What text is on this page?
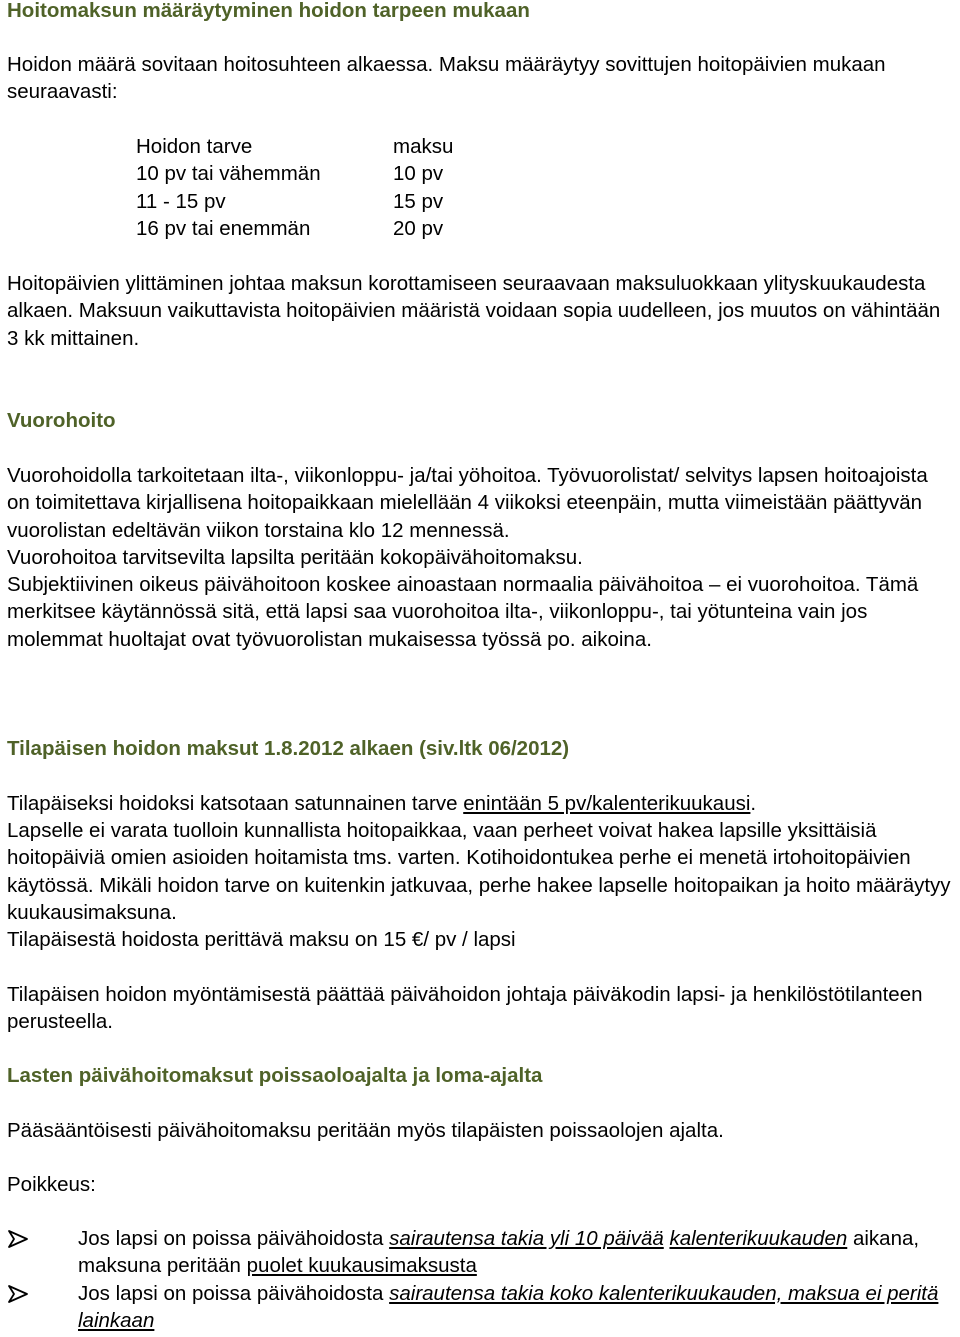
Hoitomaksun määräytyminen hoidon tarpeen mukaan

Hoidon määrä sovitaan hoitosuhteen alkaessa. Maksu määräytyy sovittujen hoitopäivien mukaan seuraavasti:

Hoidon tarve	maksu
10 pv tai vähemmän	10 pv
11 - 15 pv	15 pv
16 pv tai enemmän	20 pv

Hoitopäivien ylittäminen johtaa maksun korottamiseen seuraavaan maksuluokkaan ylityskuukaudesta alkaen. Maksuun vaikuttavista hoitopäivien määristä voidaan sopia uudelleen, jos muutos on vähintään 3 kk mittainen.

Vuorohoito

Vuorohoidolla tarkoitetaan ilta-, viikonloppu- ja/tai yöhoitoa. Työvuorolistat/ selvitys lapsen hoitoajoista on toimitettava kirjallisena hoitopaikkaan mielellään 4 viikoksi eteenpäin, mutta viimeistään päättyvän vuorolistan edeltävän viikon torstaina klo 12 mennessä.

Vuorohoitoa tarvitsevilta lapsilta peritään kokopäivähoitomaksu.

Subjektiivinen oikeus päivähoitoon koskee ainoastaan normaalia päivähoitoa – ei vuorohoitoa. Tämä merkitsee käytännössä sitä, että lapsi saa vuorohoitoa ilta-, viikonloppu-, tai yötunteina vain jos molemmat huoltajat ovat työvuorolistan mukaisessa työssä po. aikoina.

Tilapäisen hoidon maksut 1.8.2012 alkaen (siv.ltk 06/2012)

Tilapäiseksi hoidoksi katsotaan satunnainen tarve enintään 5 pv/kalenterikuukausi.

Lapselle ei varata tuolloin kunnallista hoitopaikkaa, vaan perheet voivat hakea lapsille yksittäisiä hoitopäiviä omien asioiden hoitamista tms. varten. Kotihoidontukea perhe ei menetä irtohoitopäivien käytössä. Mikäli hoidon tarve on kuitenkin jatkuvaa, perhe hakee lapselle hoitopaikan ja hoito määräytyy kuukausimaksuna.

Tilapäisestä hoidosta perittävä maksu on 15 €/ pv / lapsi

Tilapäisen hoidon myöntämisestä päättää päivähoidon johtaja päiväkodin lapsi- ja henkilöstötilanteen perusteella.

Lasten päivähoitomaksut poissaoloajalta ja loma-ajalta

Pääsääntöisesti päivähoitomaksu peritään myös tilapäisten poissaolojen ajalta.

Poikkeus:

Jos lapsi on poissa päivähoidosta sairautensa takia yli 10 päivää kalenterikuukauden aikana, maksuna peritään puolet kuukausimaksusta
Jos lapsi on poissa päivähoidosta sairautensa takia koko kalenterikuukauden, maksua ei peritä lainkaan
